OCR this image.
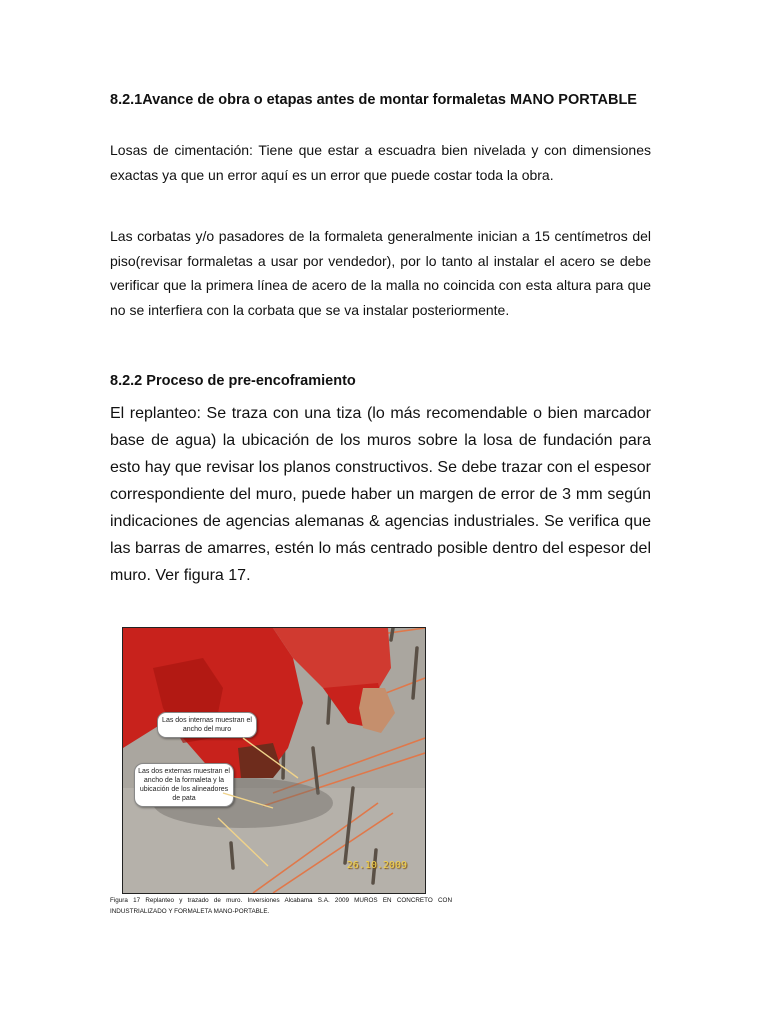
8.2.1Avance de obra o etapas antes de montar formaletas MANO PORTABLE

Losas de cimentación: Tiene que estar a escuadra bien nivelada y con dimensiones exactas ya que un error aquí es un error que puede costar toda la obra.

Las corbatas y/o pasadores de la formaleta generalmente inician a 15 centímetros del piso(revisar formaletas a usar por vendedor), por lo tanto al instalar el acero se debe verificar que la primera línea de acero de la malla no coincida con esta altura para que no se interfiera con la corbata que se va instalar posteriormente.

8.2.2 Proceso de pre-encoframiento

El replanteo: Se traza con una tiza (lo más recomendable o bien marcador base de agua) la ubicación de los muros sobre la losa de fundación para esto hay que revisar los planos constructivos. Se debe trazar con el espesor correspondiente del muro, puede haber un margen de error de 3 mm según indicaciones de agencias alemanas & agencias industriales. Se verifica que las barras de amarres, estén lo más centrado posible dentro del espesor del muro. Ver figura 17.

Las dos internas muestran el ancho del muro
Las dos externas muestran el ancho de la formaleta y la ubicación de los alineadores de pata
26.10.2009

Figura 17 Replanteo y trazado de muro. Inversiones Alcabama S.A. 2009 MUROS EN CONCRETO CON INDUSTRIALIZADO Y FORMALETA MANO-PORTABLE.
